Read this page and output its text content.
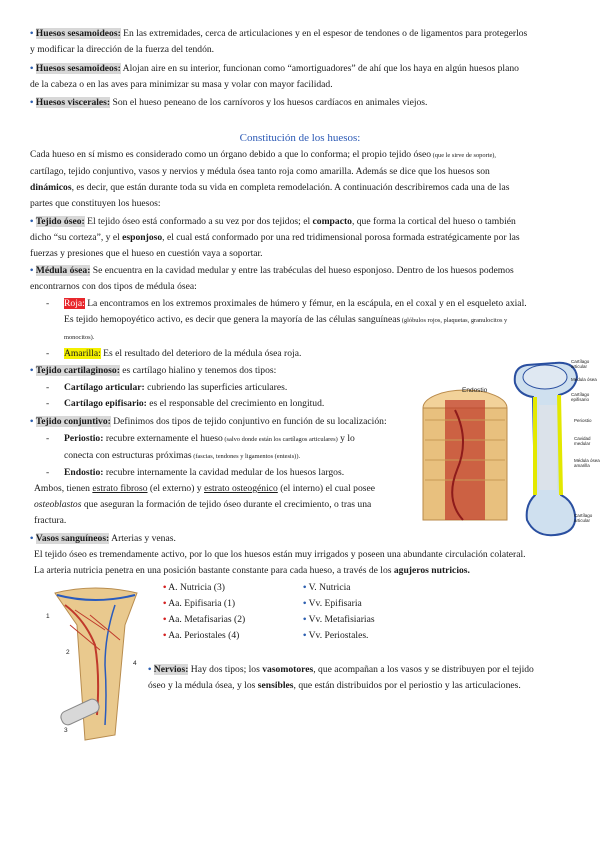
• Huesos sesamoideos: En las extremidades, cerca de articulaciones y en el espesor de tendones o de ligamentos para protegerlos
y modificar la dirección de la fuerza del tendón.

• Huesos sesamoideos: Alojan aire en su interior, funcionan como “amortiguadores” de ahí que los haya en algún huesos plano
de la cabeza o en las aves para minimizar su masa y volar con mayor facilidad.

• Huesos viscerales: Son el hueso peneano de los carnívoros y los huesos cardíacos en animales viejos.

Constitución de los huesos:

Cada hueso en sí mismo es considerado como un órgano debido a que lo conforma; el propio tejido óseo (que le sirve de soporte),
cartílago, tejido conjuntivo, vasos y nervios y médula ósea tanto roja como amarilla. Además se dice que los huesos son
dinámicos, es decir, que están durante toda su vida en completa remodelación. A continuación describiremos cada una de las
partes que constituyen los huesos:

• Tejido óseo: El tejido óseo está conformado a su vez por dos tejidos; el compacto, que forma la cortical del hueso o también
dicho “su corteza”, y el esponjoso, el cual está conformado por una red tridimensional porosa formada estratégicamente por las
fuerzas y presiones que el hueso en cuestión vaya a soportar.

• Médula ósea: Se encuentra en la cavidad medular y entre las trabéculas del hueso esponjoso. Dentro de los huesos podemos
encontrarnos con dos tipos de médula ósea:

- Roja: La encontramos en los extremos proximales de húmero y fémur, en la escápula, en el coxal y en el esqueleto axial.
Es tejido hemopoyético activo, es decir que genera la mayoría de las células sanguíneas (glóbulos rojos, plaquetas, granulocitos y
monocitos).

- Amarilla: Es el resultado del deterioro de la médula ósea roja.

• Tejido cartilaginoso: es cartílago hialino y tenemos dos tipos:

- Cartílago articular: cubriendo las superficies articulares.
- Cartílago epifisario: es el responsable del crecimiento en longitud.

• Tejido conjuntivo: Definimos dos tipos de tejido conjuntivo en función de su localización:

- Periostio: recubre externamente el hueso (salvo donde están los cartílagos articulares) y lo
conecta con estructuras próximas (fascias, tendones y ligamentos (entesis)).
- Endostio: recubre internamente la cavidad medular de los huesos largos.

Ambos, tienen estrato fibroso (el externo) y estrato osteogénico (el interno) el cual posee
osteoblastos que aseguran la formación de tejido óseo durante el crecimiento, o tras una
fractura.

• Vasos sanguíneos: Arterias y venas.

El tejido óseo es tremendamente activo, por lo que los huesos están muy irrigados y poseen una abundante circulación colateral.
La arteria nutricia penetra en una posición bastante constante para cada hueso, a través de los agujeros nutricios.

• A. Nutricia (3)
• Aa. Epifisaria (1)
• Aa. Metafisarias (2)
• Aa. Periostales (4)
• V. Nutricia
• Vv. Epifisaria
• Vv. Metafisiarias
• Vv. Periostales.

• Nervios: Hay dos tipos; los vasomotores, que acompañan a los vasos y se distribuyen por el tejido
óseo y la médula ósea, y los sensibles, que están distribuidos por el periostio y las articulaciones.

Endostio
Cartílago articular
Médula ósea
Cartílago epifisario
Periostio
Cavidad medular
Médula ósea amarilla
Cartílago articular
1
2
3
4
